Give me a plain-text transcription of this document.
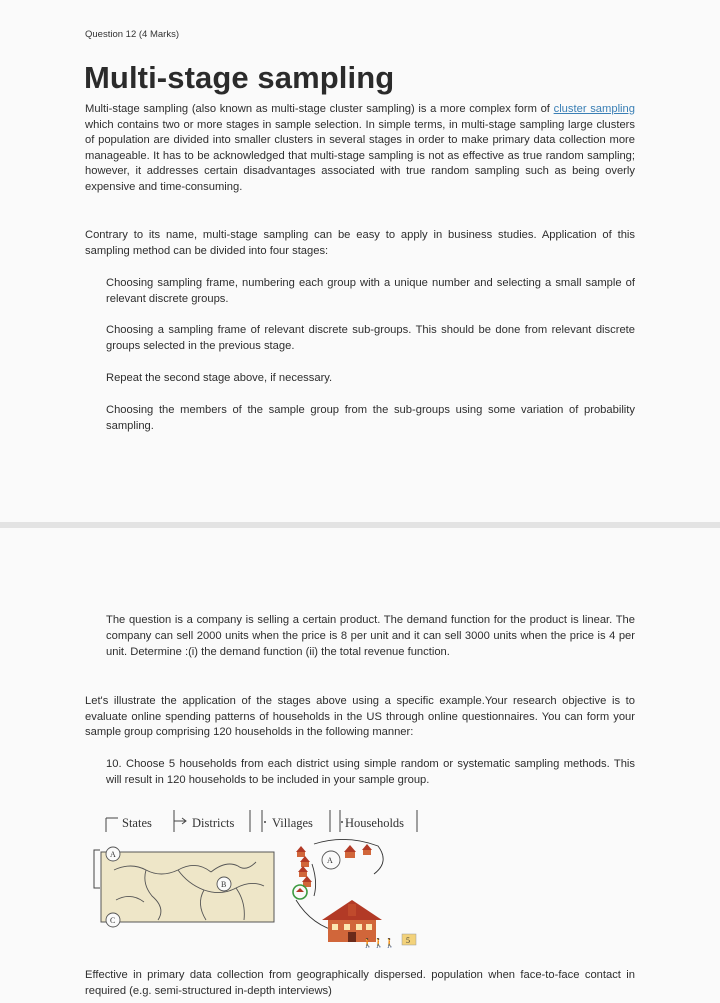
Question 12 (4 Marks)
Multi-stage sampling

Multi-stage sampling (also known as multi-stage cluster sampling) is a more complex form of cluster sampling which contains two or more stages in sample selection. In simple terms, in multi-stage sampling large clusters of population are divided into smaller clusters in several stages in order to make primary data collection more manageable. It has to be acknowledged that multi-stage sampling is not as effective as true random sampling; however, it addresses certain disadvantages associated with true random sampling such as being overly expensive and time-consuming.

Contrary to its name, multi-stage sampling can be easy to apply in business studies. Application of this sampling method can be divided into four stages:

Choosing sampling frame, numbering each group with a unique number and selecting a small sample of relevant discrete groups.

Choosing a sampling frame of relevant discrete sub-groups. This should be done from relevant discrete groups selected in the previous stage.

Repeat the second stage above, if necessary.

Choosing the members of the sample group from the sub-groups using some variation of probability sampling.

The question is a company is selling a certain product. The demand function for the product is linear. The company can sell 2000 units when the price is 8 per unit and it can sell 3000 units when the price is 4 per unit. Determine :(i) the demand function (ii) the total revenue function.

Let's illustrate the application of the stages above using a specific example.Your research objective is to evaluate online spending patterns of households in the US through online questionnaires. You can form your sample group comprising 120 households in the following manner:

10. Choose 5 households from each district using simple random or systematic sampling methods. This will result in 120 households to be included in your sample group.

States	Districts	Villages	Households
A
B
C
A
🚶🚶🚶 5

Effective in primary data collection from geographically dispersed. population when face-to-face contact in required (e.g. semi-structured in-depth interviews)
